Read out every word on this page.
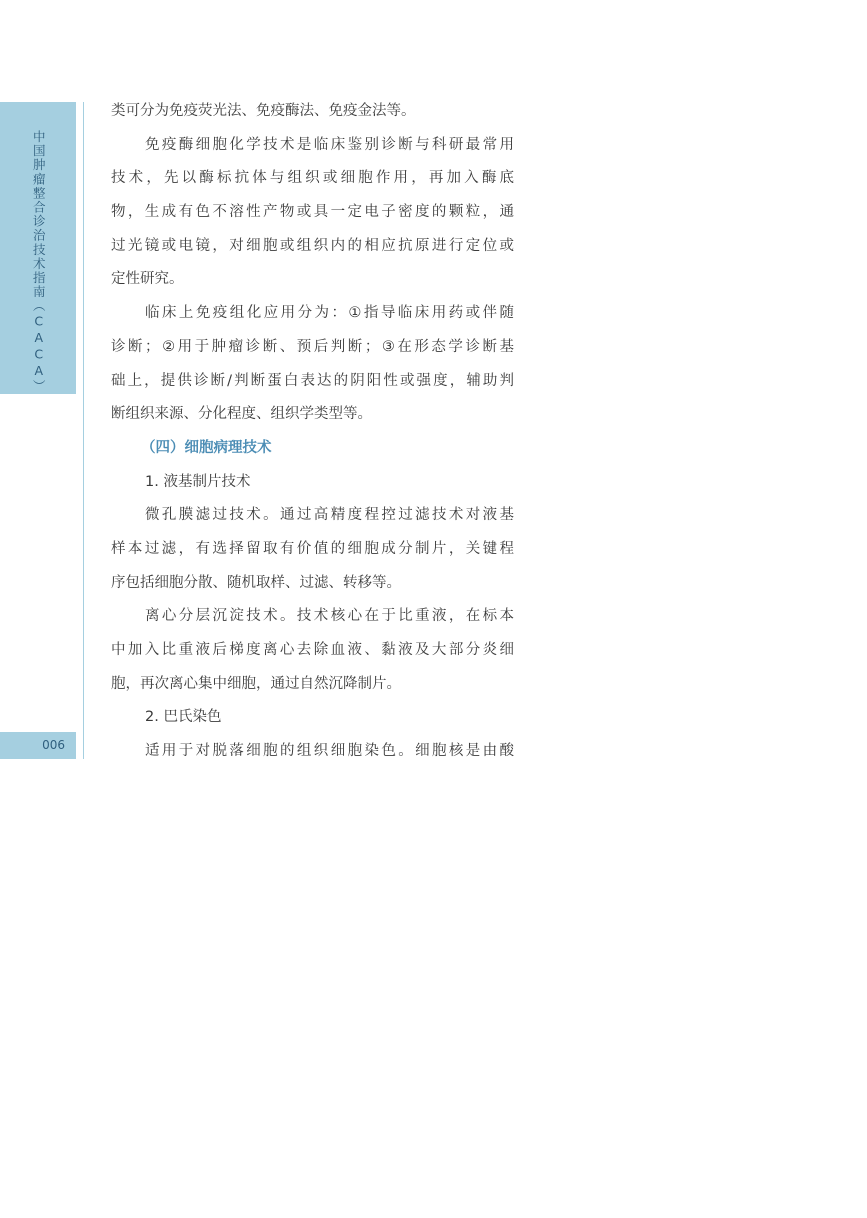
中国肿瘤整合诊治技术指南（CACA）
006
类可分为免疫荧光法、免疫酶法、免疫金法等。
免疫酶细胞化学技术是临床鉴别诊断与科研最常用
技术，先以酶标抗体与组织或细胞作用，再加入酶底
物，生成有色不溶性产物或具一定电子密度的颗粒，通
过光镜或电镜，对细胞或组织内的相应抗原进行定位或
定性研究。
临床上免疫组化应用分为：①指导临床用药或伴随
诊断；②用于肿瘤诊断、预后判断；③在形态学诊断基
础上，提供诊断/判断蛋白表达的阴阳性或强度，辅助判
断组织来源、分化程度、组织学类型等。
（四）细胞病理技术
1. 液基制片技术
微孔膜滤过技术。通过高精度程控过滤技术对液基
样本过滤，有选择留取有价值的细胞成分制片，关键程
序包括细胞分散、随机取样、过滤、转移等。
离心分层沉淀技术。技术核心在于比重液，在标本
中加入比重液后梯度离心去除血液、黏液及大部分炎细
胞，再次离心集中细胞，通过自然沉降制片。
2. 巴氏染色
适用于对脱落细胞的组织细胞染色。细胞核是由酸
